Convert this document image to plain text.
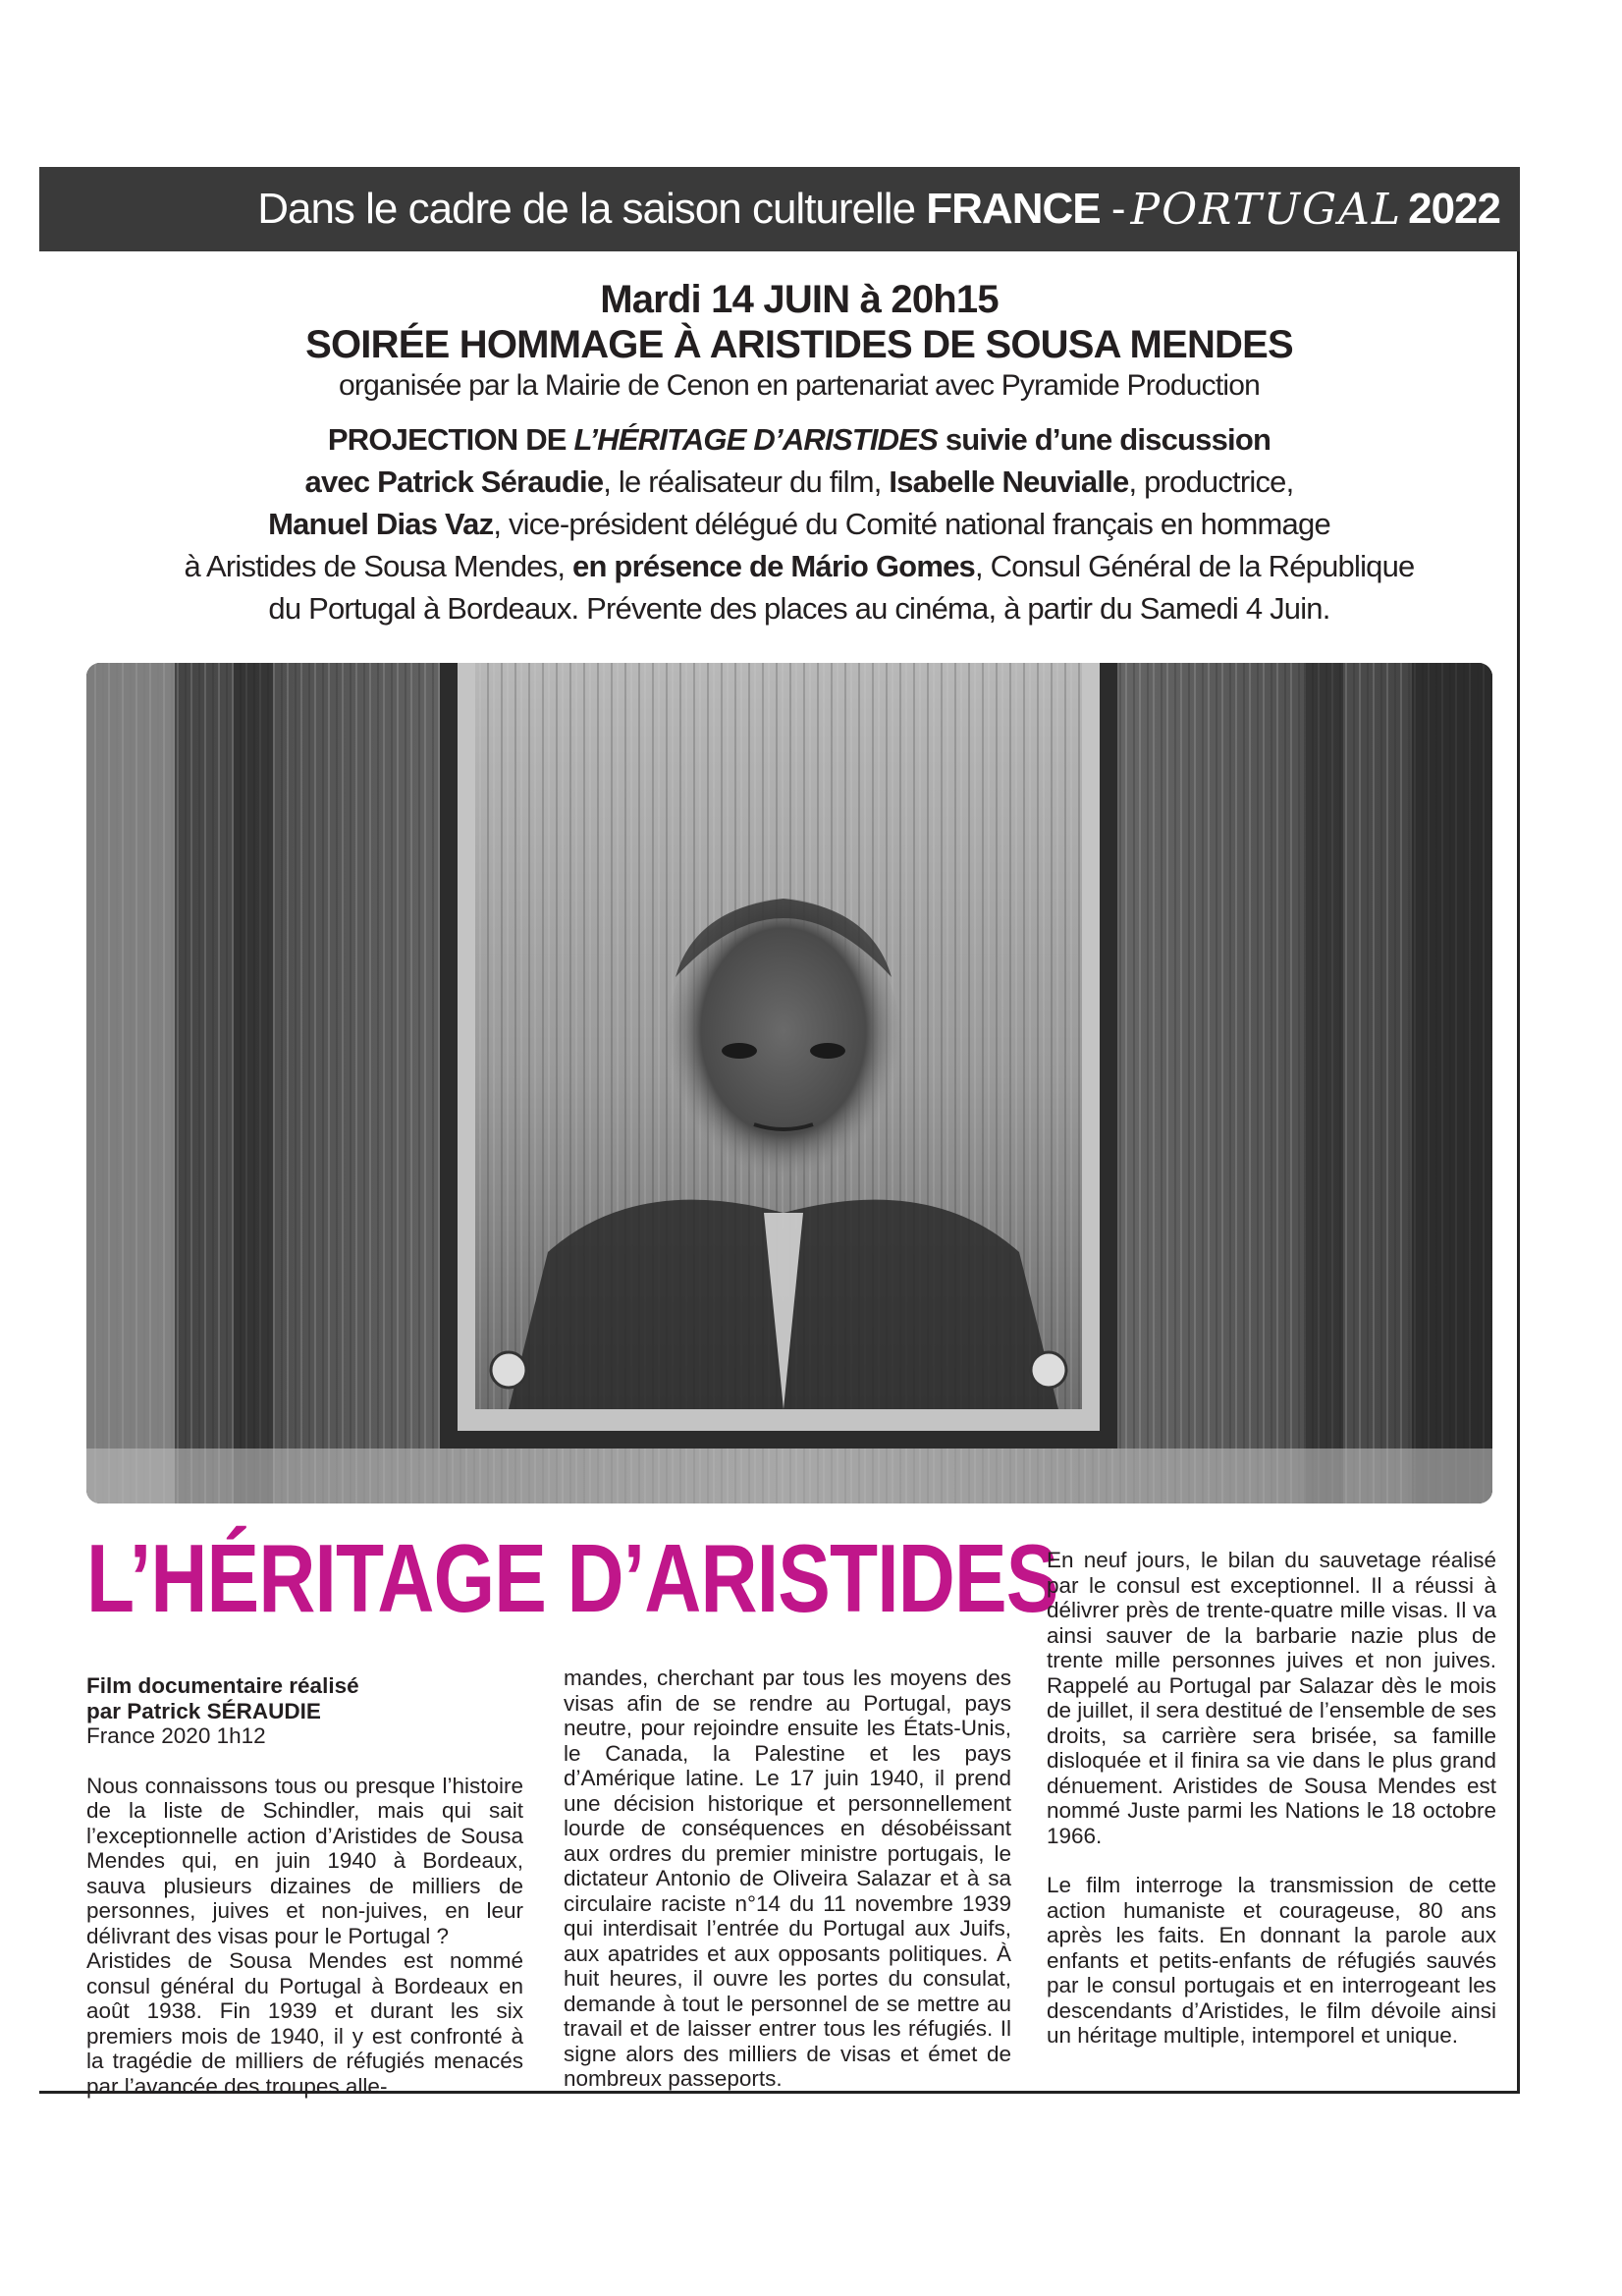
Dans le cadre de la saison culturelle
FRANCE
- PORTUGAL 2022
Mardi 14 JUIN à 20h15
SOIRÉE HOMMAGE À ARISTIDES DE SOUSA MENDES
organisée par la Mairie de Cenon en partenariat avec Pyramide Production
PROJECTION DE L’HÉRITAGE D’ARISTIDES suivie d’une discussion
avec Patrick Séraudie, le réalisateur du film, Isabelle Neuvialle, productrice,
Manuel Dias Vaz, vice-président délégué du Comité national français en hommage
à Aristides de Sousa Mendes, en présence de Mário Gomes, Consul Général de la République
du Portugal à Bordeaux. Prévente des places au cinéma, à partir du Samedi 4 Juin.
L’HÉRITAGE D’ARISTIDES
Film documentaire réalisé
par Patrick SÉRAUDIE
France 2020 1h12

Nous connaissons tous ou presque l’histoire de la liste de Schindler, mais qui sait l’exceptionnelle action d’Aristides de Sousa Mendes qui, en juin 1940 à Bordeaux, sauva plusieurs dizaines de milliers de personnes, juives et non-juives, en leur délivrant des visas pour le Portugal ?

Aristides de Sousa Mendes est nommé consul général du Portugal à Bordeaux en août 1938. Fin 1939 et durant les six premiers mois de 1940, il y est confronté à la tragédie de milliers de réfugiés menacés par l’avancée des troupes alle-

mandes, cherchant par tous les moyens des visas afin de se rendre au Portugal, pays neutre, pour rejoindre ensuite les États-Unis, le Canada, la Palestine et les pays d’Amérique latine. Le 17 juin 1940, il prend une décision historique et personnellement lourde de conséquences en désobéissant aux ordres du premier ministre portugais, le dictateur Antonio de Oliveira Salazar et à sa circulaire raciste n°14 du 11 novembre 1939 qui interdisait l’entrée du Portugal aux Juifs, aux apatrides et aux opposants politiques. À huit heures, il ouvre les portes du consulat, demande à tout le personnel de se mettre au travail et de laisser entrer tous les réfugiés. Il signe alors des milliers de visas et émet de nombreux passeports.

En neuf jours, le bilan du sauvetage réalisé par le consul est exceptionnel. Il a réussi à délivrer près de trente-quatre mille visas. Il va ainsi sauver de la barbarie nazie plus de trente mille personnes juives et non juives. Rappelé au Portugal par Salazar dès le mois de juillet, il sera destitué de l’ensemble de ses droits, sa carrière sera brisée, sa famille disloquée et il finira sa vie dans le plus grand dénuement. Aristides de Sousa Mendes est nommé Juste parmi les Nations le 18 octobre 1966.

Le film interroge la transmission de cette action humaniste et courageuse, 80 ans après les faits. En donnant la parole aux enfants et petits-enfants de réfugiés sauvés par le consul portugais et en interrogeant les descendants d’Aristides, le film dévoile ainsi un héritage multiple, intemporel et unique.
